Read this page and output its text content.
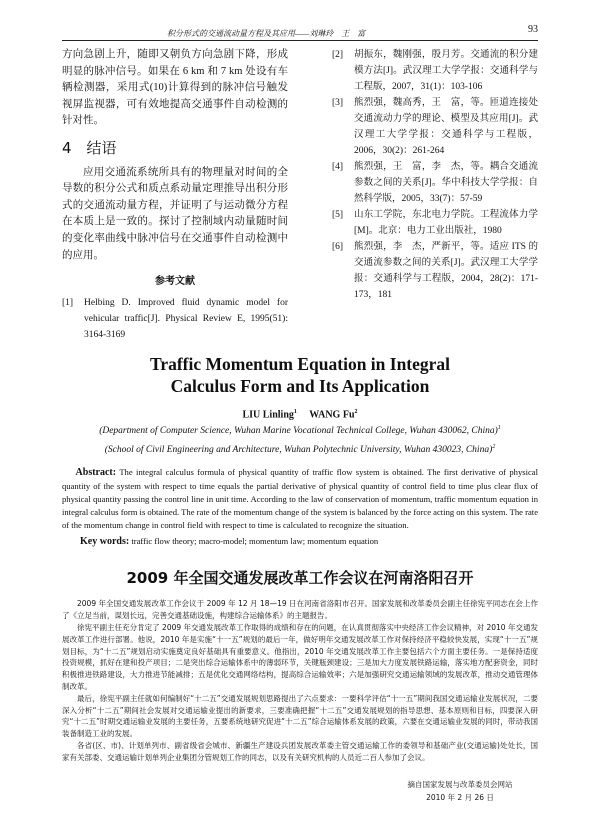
积分形式的交通流动量方程及其应用——刘琳玲　王　富	93

方向急剧上升，随即又朝负方向急剧下降，形成明显的脉冲信号。如果在 6 km 和 7 km 处设有车辆检测器，采用式(10)计算得到的脉冲信号触发视屏监视器，可有效地提高交通事件自动检测的针对性。

4　结语

应用交通流系统所具有的物理量对时间的全导数的积分公式和质点系动量定理推导出积分形式的交通流动量方程，并证明了与运动微分方程在本质上是一致的。探讨了控制域内动量随时间的变化率曲线中脉冲信号在交通事件自动检测中的应用。

参考文献
[1]	Helbing D. Improved fluid dynamic model for vehicular traffic[J]. Physical Review E, 1995(51): 3164-3169
[2]	胡振东，魏刚强，殷月芳。交通流的积分建模方法[J]。武汉理工大学学报：交通科学与工程版，2007，31(1)：103-106
[3]	熊烈强，魏高秀，王　富，等。匝道连接处交通流动力学的理论、模型及其应用[J]。武汉理工大学学报：交通科学与工程版，2006，30(2)：261-264
[4]	熊烈强，王　富，李　杰，等。耦合交通流参数之间的关系[J]。华中科技大学学报：自然科学版，2005，33(7)：57-59
[5]	山东工学院，东北电力学院。工程流体力学[M]。北京：电力工业出版社，1980
[6]	熊烈强，李　杰，严新平，等。适应 ITS 的交通流参数之间的关系[J]。武汉理工大学学报：交通科学与工程版，2004，28(2)：171-173，181
Traffic Momentum Equation in Integral
Calculus Form and Its Application
LIU Linling$^1$ WANG Fu$^2$
(Department of Computer Science, Wuhan Marine Vocational Technical College, Wuhan 430062, China)$^1$
(School of Civil Engineering and Architecture, Wuhan Polytechnic University, Wuhan 430023, China)$^2$
Abstract: The integral calculus formula of physical quantity of traffic flow system is obtained. The first derivative of physical quantity of the system with respect to time equals the partial derivative of physical quantity of control field to time plus clear flux of physical quantity passing the control line in unit time. According to the law of conservation of momentum, traffic momentum equation in integral calculus form is obtained. The rate of the momentum change of the system is balanced by the force acting on this system. The rate of the momentum change in control field with respect to time is calculated to recognize the situation.
Key words: traffic flow theory; macro-model; momentum law; momentum equation
2009 年全国交通发展改革工作会议在河南洛阳召开

2009 年全国交通发展改革工作会议于 2009 年 12 月 18—19 日在河南省洛阳市召开。国家发展和改革委员会副主任徐宪平同志在会上作了《立足当前，谋划长远，完善交通基础设施，构建综合运输体系》的主题报告。

徐宪平副主任充分肯定了 2009 年交通发展改革工作取得的成绩和存在的问题，在认真贯彻落实中央经济工作会议精神，对 2010 年交通发展改革工作进行部署。他说，2010 年是实施“十一五”规划的最后一年，做好明年交通发展改革工作对保持经济平稳较快发展，实现“十一五”规划目标，为“十二五”规划启动实施奠定良好基础具有重要意义。他指出，2010 年交通发展改革工作主要包括六个方面主要任务。一是保持适度投资规模，抓好在建和投产项目；二是突出综合运输体系中的薄弱环节，关键瓶颈建设；三是加大力度发展铁路运输，落实地方配套资金，同时积极推进铁路建设，大力推进节能减排；五是优化交通网络结构，提高综合运输效率；六是加强研究交通运输领域的发展改革，推动交通管理体制改革。

最后，徐宪平副主任就如何编制好“十二五”交通发展规划思路提出了六点要求：一要科学评估“十一五”期间我国交通运输业发展状况，二要深入分析“十二五”期间社会发展对交通运输业提出的新要求，三要准确把握“十二五”交通发展规划的指导思想、基本原则和目标，四要深入研究“十二五”时期交通运输业发展的主要任务，五要系统地研究促进“十二五”综合运输体系发展的政策，六要在交通运输业发展的同时，带动我国装备制造工业的发展。

各省(区、市)、计划单列市、副省级省会城市、新疆生产建设兵团发展改革委主管交通运输工作的委领导和基础产业(交通运输)处处长，国家有关部委、交通运输计划单列企业集团分管规划工作的同志，以及有关研究机构的人员近二百人参加了会议。

摘自国家发展与改革委员会网站
2010 年 2 月 26 日
